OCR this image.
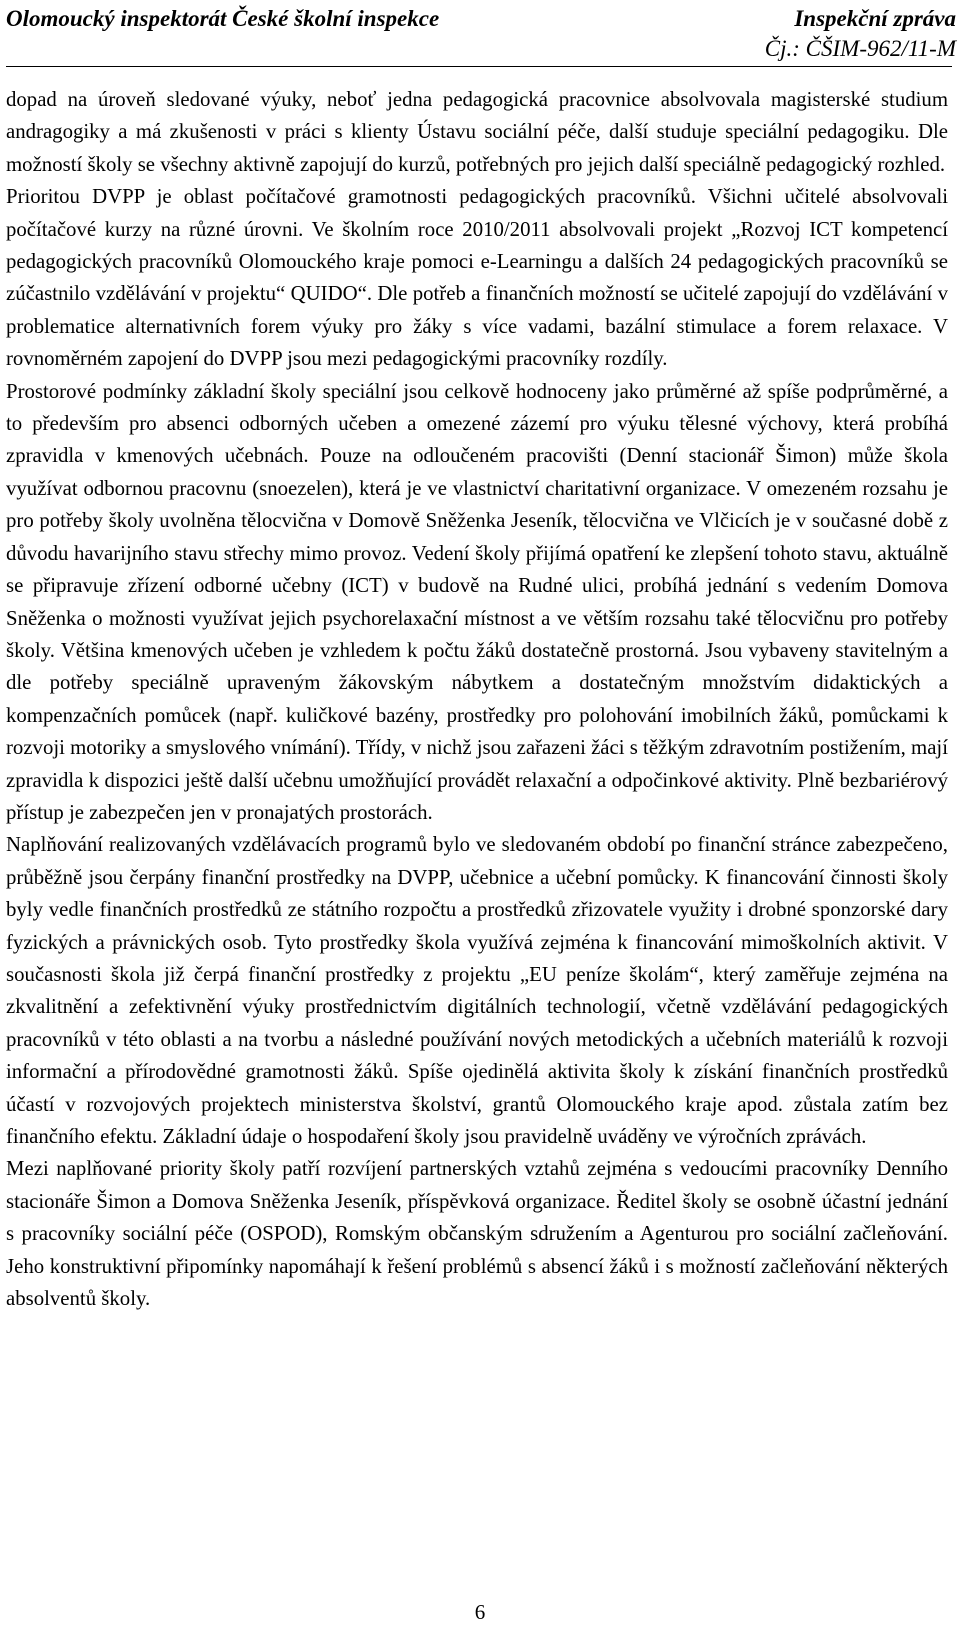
Olomoucký inspektorát České školní inspekce	Inspekční zpráva
Čj.: ČŠIM-962/11-M

dopad na úroveň sledované výuky, neboť jedna pedagogická pracovnice absolvovala magisterské studium andragogiky a má zkušenosti v práci s klienty Ústavu sociální péče, další studuje speciální pedagogiku. Dle možností školy se všechny aktivně zapojují do kurzů, potřebných pro jejich další speciálně pedagogický rozhled.

Prioritou DVPP je oblast počítačové gramotnosti pedagogických pracovníků. Všichni učitelé absolvovali počítačové kurzy na různé úrovni. Ve školním roce 2010/2011 absolvovali projekt „Rozvoj ICT kompetencí pedagogických pracovníků Olomouckého kraje pomoci e-Learningu a dalších 24 pedagogických pracovníků se zúčastnilo vzdělávání v projektu“ QUIDO“. Dle potřeb a finančních možností se učitelé zapojují do vzdělávání v problematice alternativních forem výuky pro žáky s více vadami, bazální stimulace a forem relaxace. V rovnoměrném zapojení do DVPP jsou mezi pedagogickými pracovníky rozdíly.

Prostorové podmínky základní školy speciální jsou celkově hodnoceny jako průměrné až spíše podprůměrné, a to především pro absenci odborných učeben a omezené zázemí pro výuku tělesné výchovy, která probíhá zpravidla v kmenových učebnách. Pouze na odloučeném pracovišti (Denní stacionář Šimon) může škola využívat odbornou pracovnu (snoezelen), která je ve vlastnictví charitativní organizace. V omezeném rozsahu je pro potřeby školy uvolněna tělocvična v Domově Sněženka Jeseník, tělocvična ve Vlčicích je v současné době z důvodu havarijního stavu střechy mimo provoz. Vedení školy přijímá opatření ke zlepšení tohoto stavu, aktuálně se připravuje zřízení odborné učebny (ICT) v budově na Rudné ulici, probíhá jednání s vedením Domova Sněženka o možnosti využívat jejich psychorelaxační místnost a ve větším rozsahu také tělocvičnu pro potřeby školy. Většina kmenových učeben je vzhledem k počtu žáků dostatečně prostorná. Jsou vybaveny stavitelným a dle potřeby speciálně upraveným žákovským nábytkem a dostatečným množstvím didaktických a kompenzačních pomůcek (např. kuličkové bazény, prostředky pro polohování imobilních žáků, pomůckami k rozvoji motoriky a smyslového vnímání). Třídy, v nichž jsou zařazeni žáci s těžkým zdravotním postižením, mají zpravidla k dispozici ještě další učebnu umožňující provádět relaxační a odpočinkové aktivity. Plně bezbariérový přístup je zabezpečen jen v pronajatých prostorách.

Naplňování realizovaných vzdělávacích programů bylo ve sledovaném období po finanční stránce zabezpečeno, průběžně jsou čerpány finanční prostředky na DVPP, učebnice a učební pomůcky. K financování činnosti školy byly vedle finančních prostředků ze státního rozpočtu a prostředků zřizovatele využity i drobné sponzorské dary fyzických a právnických osob. Tyto prostředky škola využívá zejména k financování mimoškolních aktivit. V současnosti škola již čerpá finanční prostředky z projektu „EU peníze školám“, který zaměřuje zejména na zkvalitnění a zefektivnění výuky prostřednictvím digitálních technologií, včetně vzdělávání pedagogických pracovníků v této oblasti a na tvorbu a následné používání nových metodických a učebních materiálů k rozvoji informační a přírodovědné gramotnosti žáků. Spíše ojedinělá aktivita školy k získání finančních prostředků účastí v rozvojových projektech ministerstva školství, grantů Olomouckého kraje apod. zůstala zatím bez finančního efektu. Základní údaje o hospodaření školy jsou pravidelně uváděny ve výročních zprávách.

Mezi naplňované priority školy patří rozvíjení partnerských vztahů zejména s vedoucími pracovníky Denního stacionáře Šimon a Domova Sněženka Jeseník, příspěvková organizace. Ředitel školy se osobně účastní jednání s pracovníky sociální péče (OSPOD), Romským občanským sdružením a Agenturou pro sociální začleňování. Jeho konstruktivní připomínky napomáhají k řešení problémů s absencí žáků i s možností začleňování některých absolventů školy.

6
